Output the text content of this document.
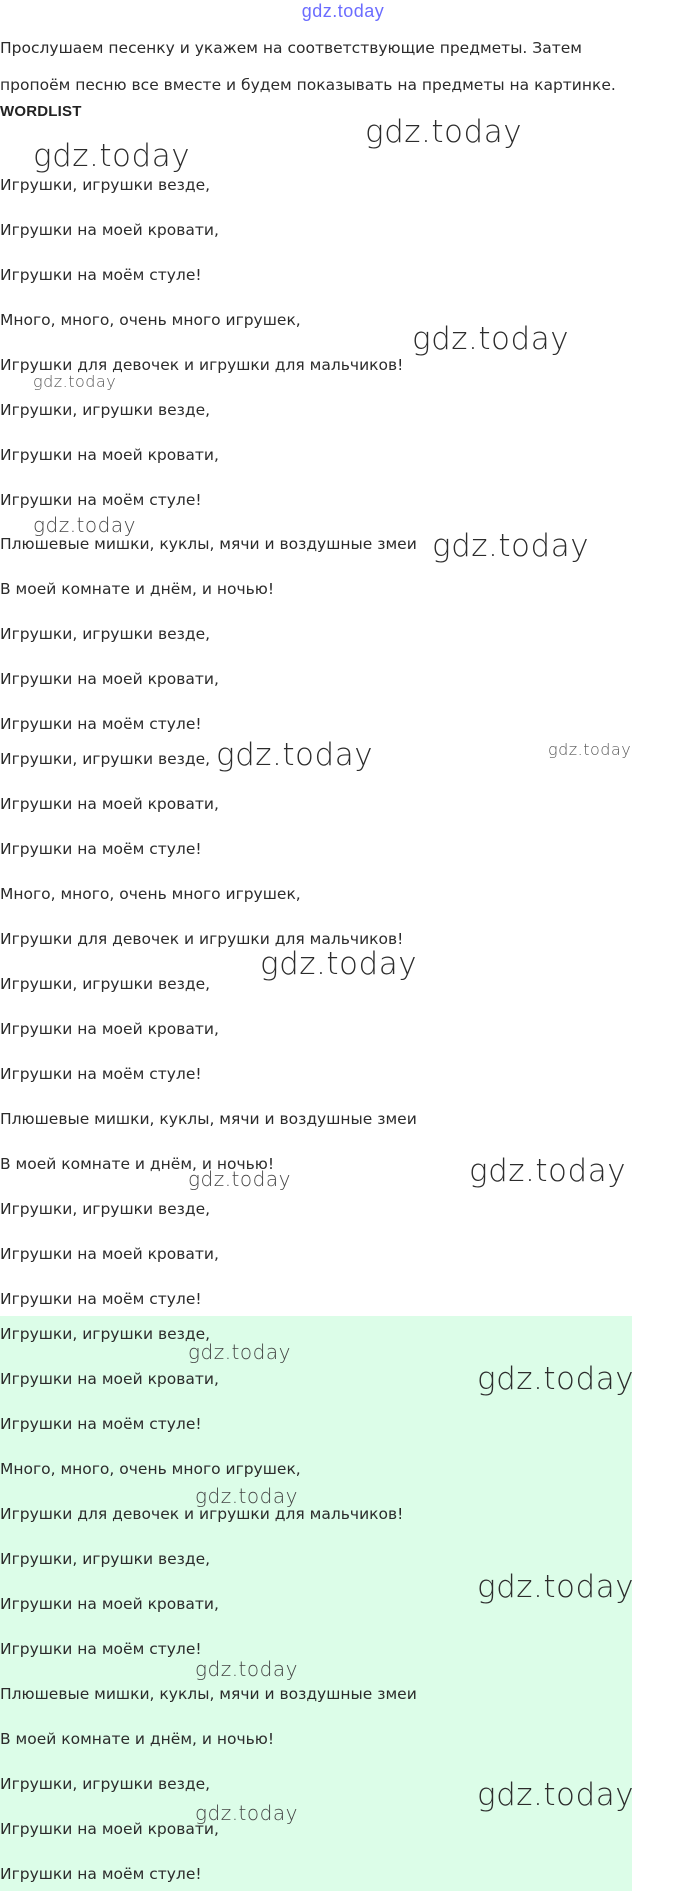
gdz.today
Прослушаем песенку и укажем на соответствующие предметы. Затем пропоём песню все вместе и будем показывать на предметы на картинке.
WORDLIST
Игрушки, игрушки везде,
Игрушки на моей кровати,
Игрушки на моём стуле!
Много, много, очень много игрушек,
Игрушки для девочек и игрушки для мальчиков!
Игрушки, игрушки везде,
Игрушки на моей кровати,
Игрушки на моём стуле!
Плюшевые мишки, куклы, мячи и воздушные змеи
В моей комнате и днём, и ночью!
Игрушки, игрушки везде,
Игрушки на моей кровати,
Игрушки на моём стуле!
Игрушки, игрушки везде,
Игрушки на моей кровати,
Игрушки на моём стуле!
Много, много, очень много игрушек,
Игрушки для девочек и игрушки для мальчиков!
Игрушки, игрушки везде,
Игрушки на моей кровати,
Игрушки на моём стуле!
Плюшевые мишки, куклы, мячи и воздушные змеи
В моей комнате и днём, и ночью!
Игрушки, игрушки везде,
Игрушки на моей кровати,
Игрушки на моём стуле!
Игрушки, игрушки везде,
Игрушки на моей кровати,
Игрушки на моём стуле!
Много, много, очень много игрушек,
Игрушки для девочек и игрушки для мальчиков!
Игрушки, игрушки везде,
Игрушки на моей кровати,
Игрушки на моём стуле!
Плюшевые мишки, куклы, мячи и воздушные змеи
В моей комнате и днём, и ночью!
Игрушки, игрушки везде,
Игрушки на моей кровати,
Игрушки на моём стуле!
gdz.today
gdz.today
gdz.today
gdz.today
gdz.today
gdz.today
gdz.today	gdz.today
gdz.today
gdz.today
gdz.today
gdz.today
gdz.today
gdz.today
gdz.today
gdz.today
gdz.today
gdz.today
